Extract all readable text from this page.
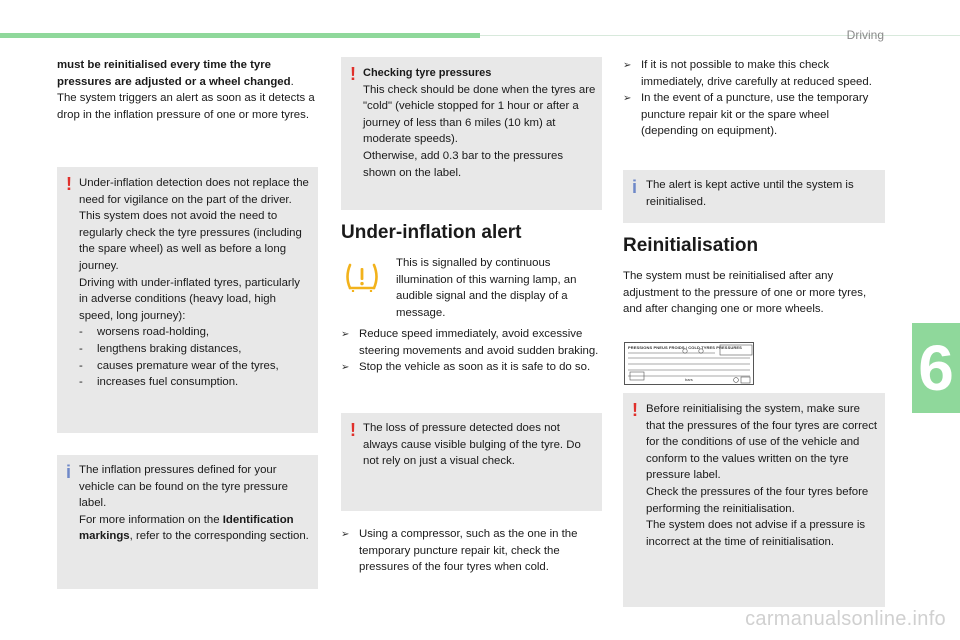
Driving
6
carmanualsonline.info
must be reinitialised every time the tyre pressures are adjusted or a wheel changed. The system triggers an alert as soon as it detects a drop in the inflation pressure of one or more tyres.
! Under-inflation detection does not replace the need for vigilance on the part of the driver.
This system does not avoid the need to regularly check the tyre pressures (including the spare wheel) as well as before a long journey.
Driving with under-inflated tyres, particularly in adverse conditions (heavy load, high speed, long journey):
-	worsens road-holding,
-	lengthens braking distances,
-	causes premature wear of the tyres,
-	increases fuel consumption.
i The inflation pressures defined for your vehicle can be found on the tyre pressure label.
For more information on the Identification markings, refer to the corresponding section.
! Checking tyre pressures
This check should be done when the tyres are "cold" (vehicle stopped for 1 hour or after a journey of less than 6 miles (10 km) at moderate speeds).
Otherwise, add 0.3 bar to the pressures shown on the label.
Under-inflation alert
This is signalled by continuous illumination of this warning lamp, an audible signal and the display of a message.
➢ Reduce speed immediately, avoid excessive steering movements and avoid sudden braking.
➢ Stop the vehicle as soon as it is safe to do so.
! The loss of pressure detected does not always cause visible bulging of the tyre. Do not rely on just a visual check.
➢ Using a compressor, such as the one in the temporary puncture repair kit, check the pressures of the four tyres when cold.
➢ If it is not possible to make this check immediately, drive carefully at reduced speed.
➢ In the event of a puncture, use the temporary puncture repair kit or the spare wheel (depending on equipment).
i The alert is kept active until the system is reinitialised.
Reinitialisation
The system must be reinitialised after any adjustment to the pressure of one or more tyres, and after changing one or more wheels.
PRESSIONS PNEUS FROIDS / COLD TYRES PRESSURES
bars
! Before reinitialising the system, make sure that the pressures of the four tyres are correct for the conditions of use of the vehicle and conform to the values written on the tyre pressure label.
Check the pressures of the four tyres before performing the reinitialisation.
The system does not advise if a pressure is incorrect at the time of reinitialisation.
